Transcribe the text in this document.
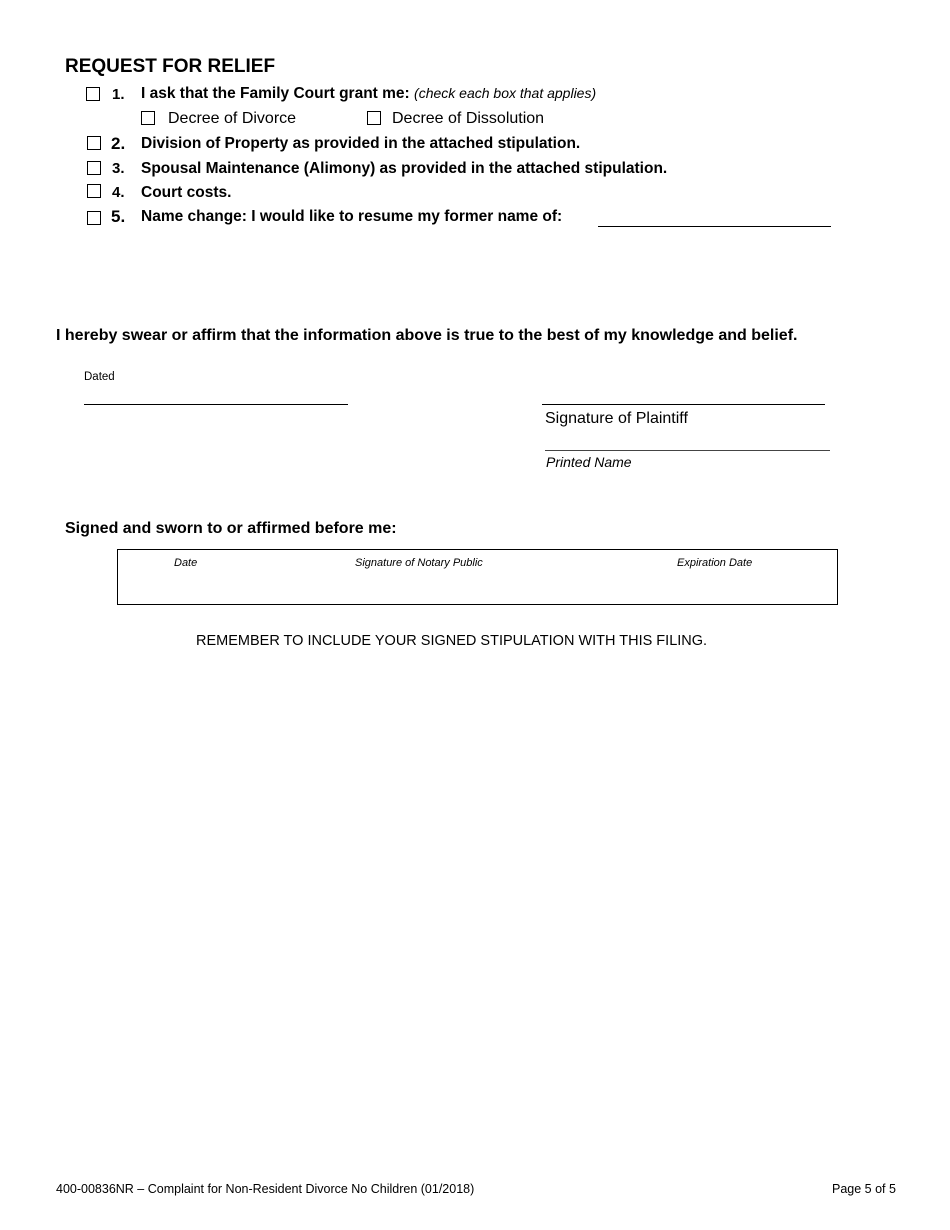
REQUEST FOR RELIEF
1. I ask that the Family Court grant me: (check each box that applies)
Decree of Divorce	Decree of Dissolution
2. Division of Property as provided in the attached stipulation.
3. Spousal Maintenance (Alimony) as provided in the attached stipulation.
4. Court costs.
5. Name change: I would like to resume my former name of:
I hereby swear or affirm that the information above is true to the best of my knowledge and belief.
Dated
Signature of Plaintiff
Printed Name
Signed and sworn to or affirmed before me:
Date	Signature of Notary Public	Expiration Date
REMEMBER TO INCLUDE YOUR SIGNED STIPULATION WITH THIS FILING.
400-00836NR – Complaint for Non-Resident Divorce No Children (01/2018)	Page 5 of 5
